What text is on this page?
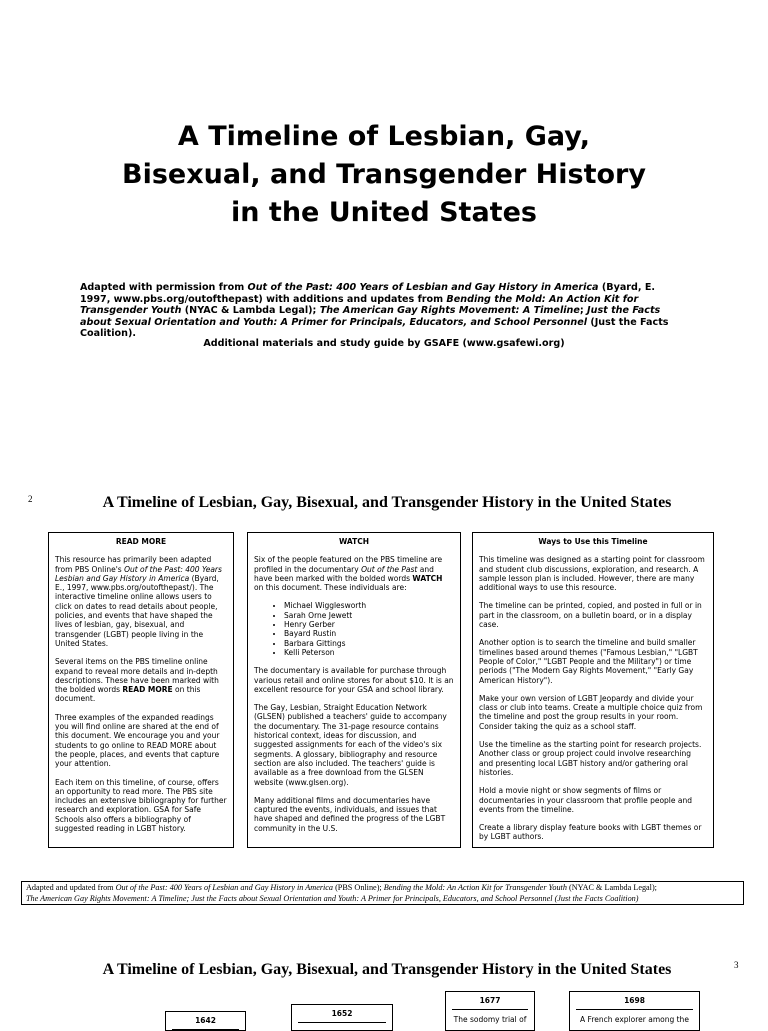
A Timeline of Lesbian, Gay,
Bisexual, and Transgender History
in the United States
Adapted with permission from Out of the Past: 400 Years of Lesbian and Gay History in America (Byard, E. 1997, www.pbs.org/outofthepast) with additions and updates from Bending the Mold: An Action Kit for Transgender Youth (NYAC & Lambda Legal); The American Gay Rights Movement: A Timeline; Just the Facts about Sexual Orientation and Youth: A Primer for Principals, Educators, and School Personnel (Just the Facts Coalition).
Additional materials and study guide by GSAFE (www.gsafewi.org)
2	A Timeline of Lesbian, Gay, Bisexual, and Transgender History in the United States
READ MORE

This resource has primarily been adapted from PBS Online's Out of the Past: 400 Years Lesbian and Gay History in America (Byard, E., 1997, www.pbs.org/outofthepast/). The interactive timeline online allows users to click on dates to read details about people, policies, and events that have shaped the lives of lesbian, gay, bisexual, and transgender (LGBT) people living in the United States.

Several items on the PBS timeline online expand to reveal more details and in-depth descriptions. These have been marked with the bolded words READ MORE on this document.

Three examples of the expanded readings you will find online are shared at the end of this document. We encourage you and your students to go online to READ MORE about the people, places, and events that capture your attention.

Each item on this timeline, of course, offers an opportunity to read more. The PBS site includes an extensive bibliography for further research and exploration. GSA for Safe Schools also offers a bibliography of suggested reading in LGBT history.

WATCH

Six of the people featured on the PBS timeline are profiled in the documentary Out of the Past and have been marked with the bolded words WATCH on this document. These individuals are:

• Michael Wigglesworth
• Sarah Orne Jewett
• Henry Gerber
• Bayard Rustin
• Barbara Gittings
• Kelli Peterson

The documentary is available for purchase through various retail and online stores for about $10. It is an excellent resource for your GSA and school library.

The Gay, Lesbian, Straight Education Network (GLSEN) published a teachers' guide to accompany the documentary. The 31-page resource contains historical context, ideas for discussion, and suggested assignments for each of the video's six segments. A glossary, bibliography and resource section are also included. The teachers' guide is available as a free download from the GLSEN website (www.glsen.org).

Many additional films and documentaries have captured the events, individuals, and issues that have shaped and defined the progress of the LGBT community in the U.S.

Ways to Use this Timeline

This timeline was designed as a starting point for classroom and student club discussions, exploration, and research. A sample lesson plan is included. However, there are many additional ways to use this resource.

The timeline can be printed, copied, and posted in full or in part in the classroom, on a bulletin board, or in a display case.

Another option is to search the timeline and build smaller timelines based around themes ("Famous Lesbian," "LGBT People of Color," "LGBT People and the Military") or time periods ("The Modern Gay Rights Movement," "Early Gay American History").

Make your own version of LGBT Jeopardy and divide your class or club into teams. Create a multiple choice quiz from the timeline and post the group results in your room. Consider taking the quiz as a school staff.

Use the timeline as the starting point for research projects. Another class or group project could involve researching and presenting local LGBT history and/or gathering oral histories.

Hold a movie night or show segments of films or documentaries in your classroom that profile people and events from the timeline.

Create a library display feature books with LGBT themes or by LGBT authors.

Adapted and updated from Out of the Past: 400 Years of Lesbian and Gay History in America (PBS Online); Bending the Mold: An Action Kit for Transgender Youth (NYAC & Lambda Legal);
The American Gay Rights Movement: A Timeline; Just the Facts about Sexual Orientation and Youth: A Primer for Principals, Educators, and School Personnel (Just the Facts Coalition)
A Timeline of Lesbian, Gay, Bisexual, and Transgender History in the United States	3
1642
1652
1677
The sodomy trial of
1698
A French explorer among the
